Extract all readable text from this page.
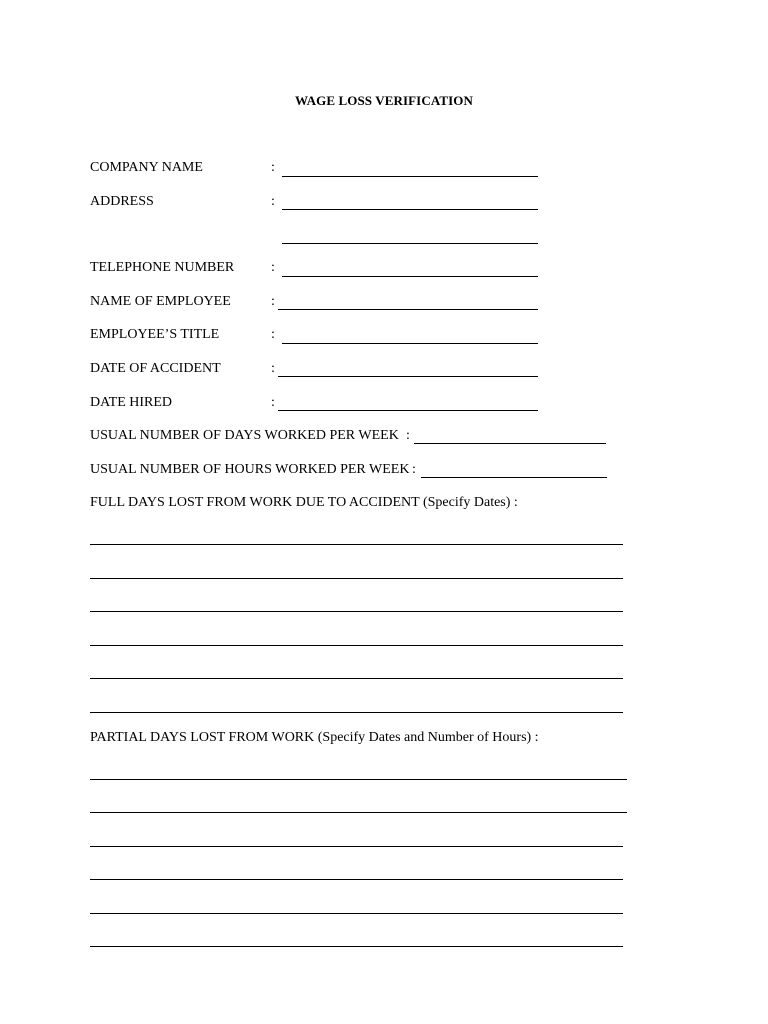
WAGE LOSS VERIFICATION
COMPANY NAME	:
ADDRESS	:
TELEPHONE NUMBER	:
NAME OF EMPLOYEE	:
EMPLOYEE’S TITLE	:
DATE OF ACCIDENT	:
DATE HIRED	:
USUAL NUMBER OF DAYS WORKED PER WEEK :
USUAL NUMBER OF HOURS WORKED PER WEEK :
FULL DAYS LOST FROM WORK DUE TO ACCIDENT (Specify Dates) :
PARTIAL DAYS LOST FROM WORK (Specify Dates and Number of Hours) :
